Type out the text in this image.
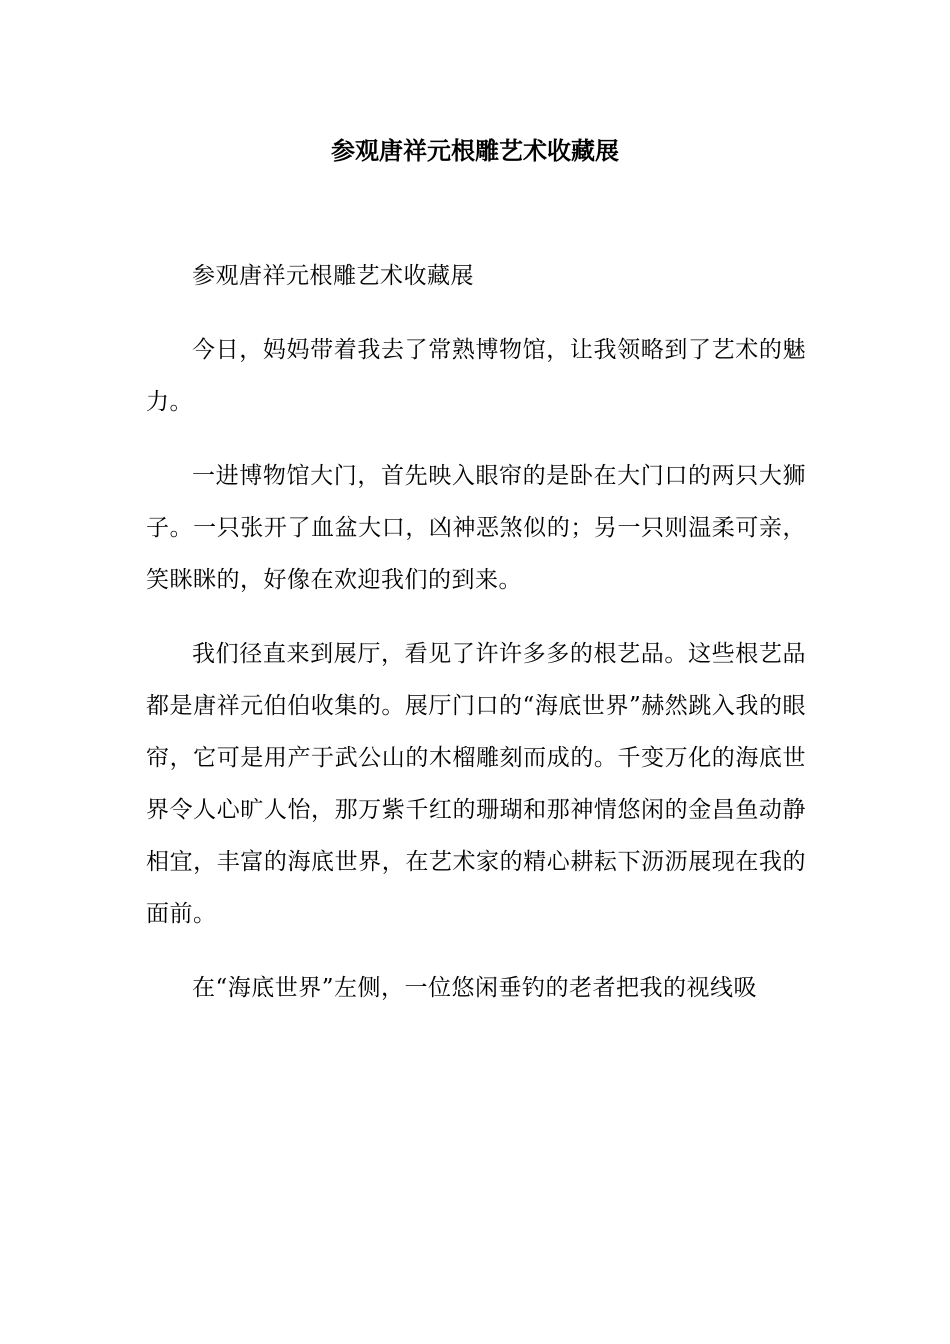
参观唐祥元根雕艺术收藏展

参观唐祥元根雕艺术收藏展

今日，妈妈带着我去了常熟博物馆，让我领略到了艺术的魅力。

一进博物馆大门，首先映入眼帘的是卧在大门口的两只大狮子。一只张开了血盆大口，凶神恶煞似的；另一只则温柔可亲，笑眯眯的，好像在欢迎我们的到来。

我们径直来到展厅，看见了许许多多的根艺品。这些根艺品都是唐祥元伯伯收集的。展厅门口的“海底世界”赫然跳入我的眼帘，它可是用产于武公山的木榴雕刻而成的。千变万化的海底世界令人心旷人怡，那万紫千红的珊瑚和那神情悠闲的金昌鱼动静相宜，丰富的海底世界，在艺术家的精心耕耘下沥沥展现在我的面前。

在“海底世界”左侧，一位悠闲垂钓的老者把我的视线吸
